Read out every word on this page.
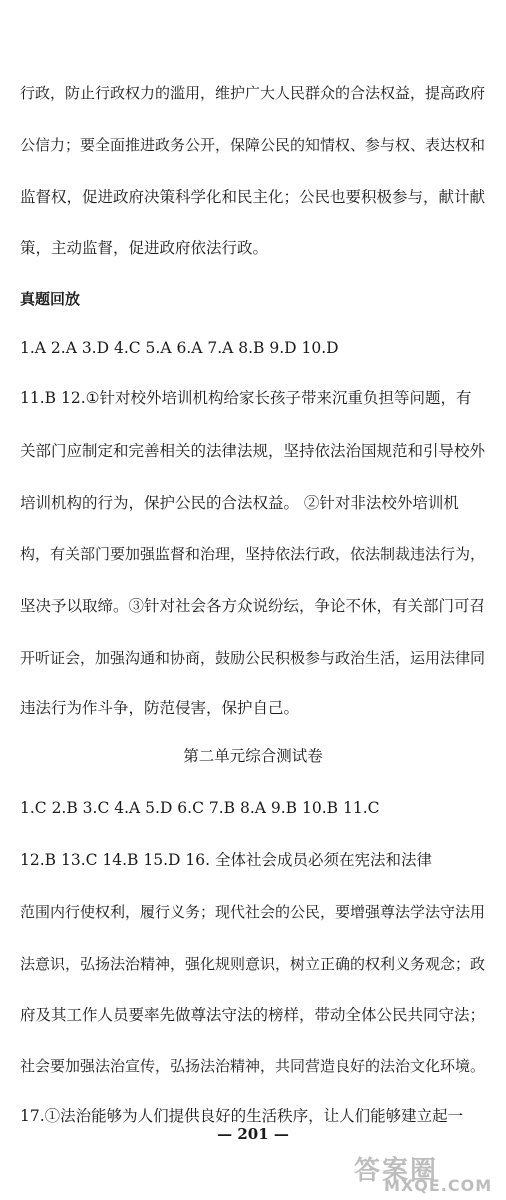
行政，防止行政权力的滥用，维护广大人民群众的合法权益，提高政府
公信力；要全面推进政务公开，保障公民的知情权、参与权、表达权和
监督权，促进政府决策科学化和民主化；公民也要积极参与，献计献
策，主动监督，促进政府依法行政。
真题回放
1.A 2.A 3.D 4.C 5.A 6.A 7.A 8.B 9.D 10.D
11.B 12.①针对校外培训机构给家长孩子带来沉重负担等问题，有
关部门应制定和完善相关的法律法规，坚持依法治国规范和引导校外
培训机构的行为，保护公民的合法权益。 ②针对非法校外培训机
构，有关部门要加强监督和治理，坚持依法行政，依法制裁违法行为，
坚决予以取缔。③针对社会各方众说纷纭，争论不休，有关部门可召
开听证会，加强沟通和协商，鼓励公民积极参与政治生活，运用法律同
违法行为作斗争，防范侵害，保护自己。
第二单元综合测试卷
1.C 2.B 3.C 4.A 5.D 6.C 7.B 8.A 9.B 10.B 11.C
12.B 13.C 14.B 15.D 16. 全体社会成员必须在宪法和法律
范围内行使权利，履行义务；现代社会的公民，要增强尊法学法守法用
法意识，弘扬法治精神，强化规则意识，树立正确的权利义务观念；政
府及其工作人员要率先做尊法守法的榜样，带动全体公民共同守法；
社会要加强法治宣传，弘扬法治精神，共同营造良好的法治文化环境。
17.①法治能够为人们提供良好的生活秩序，让人们能够建立起一
— 201 —
答案圈
MXQE.COM
